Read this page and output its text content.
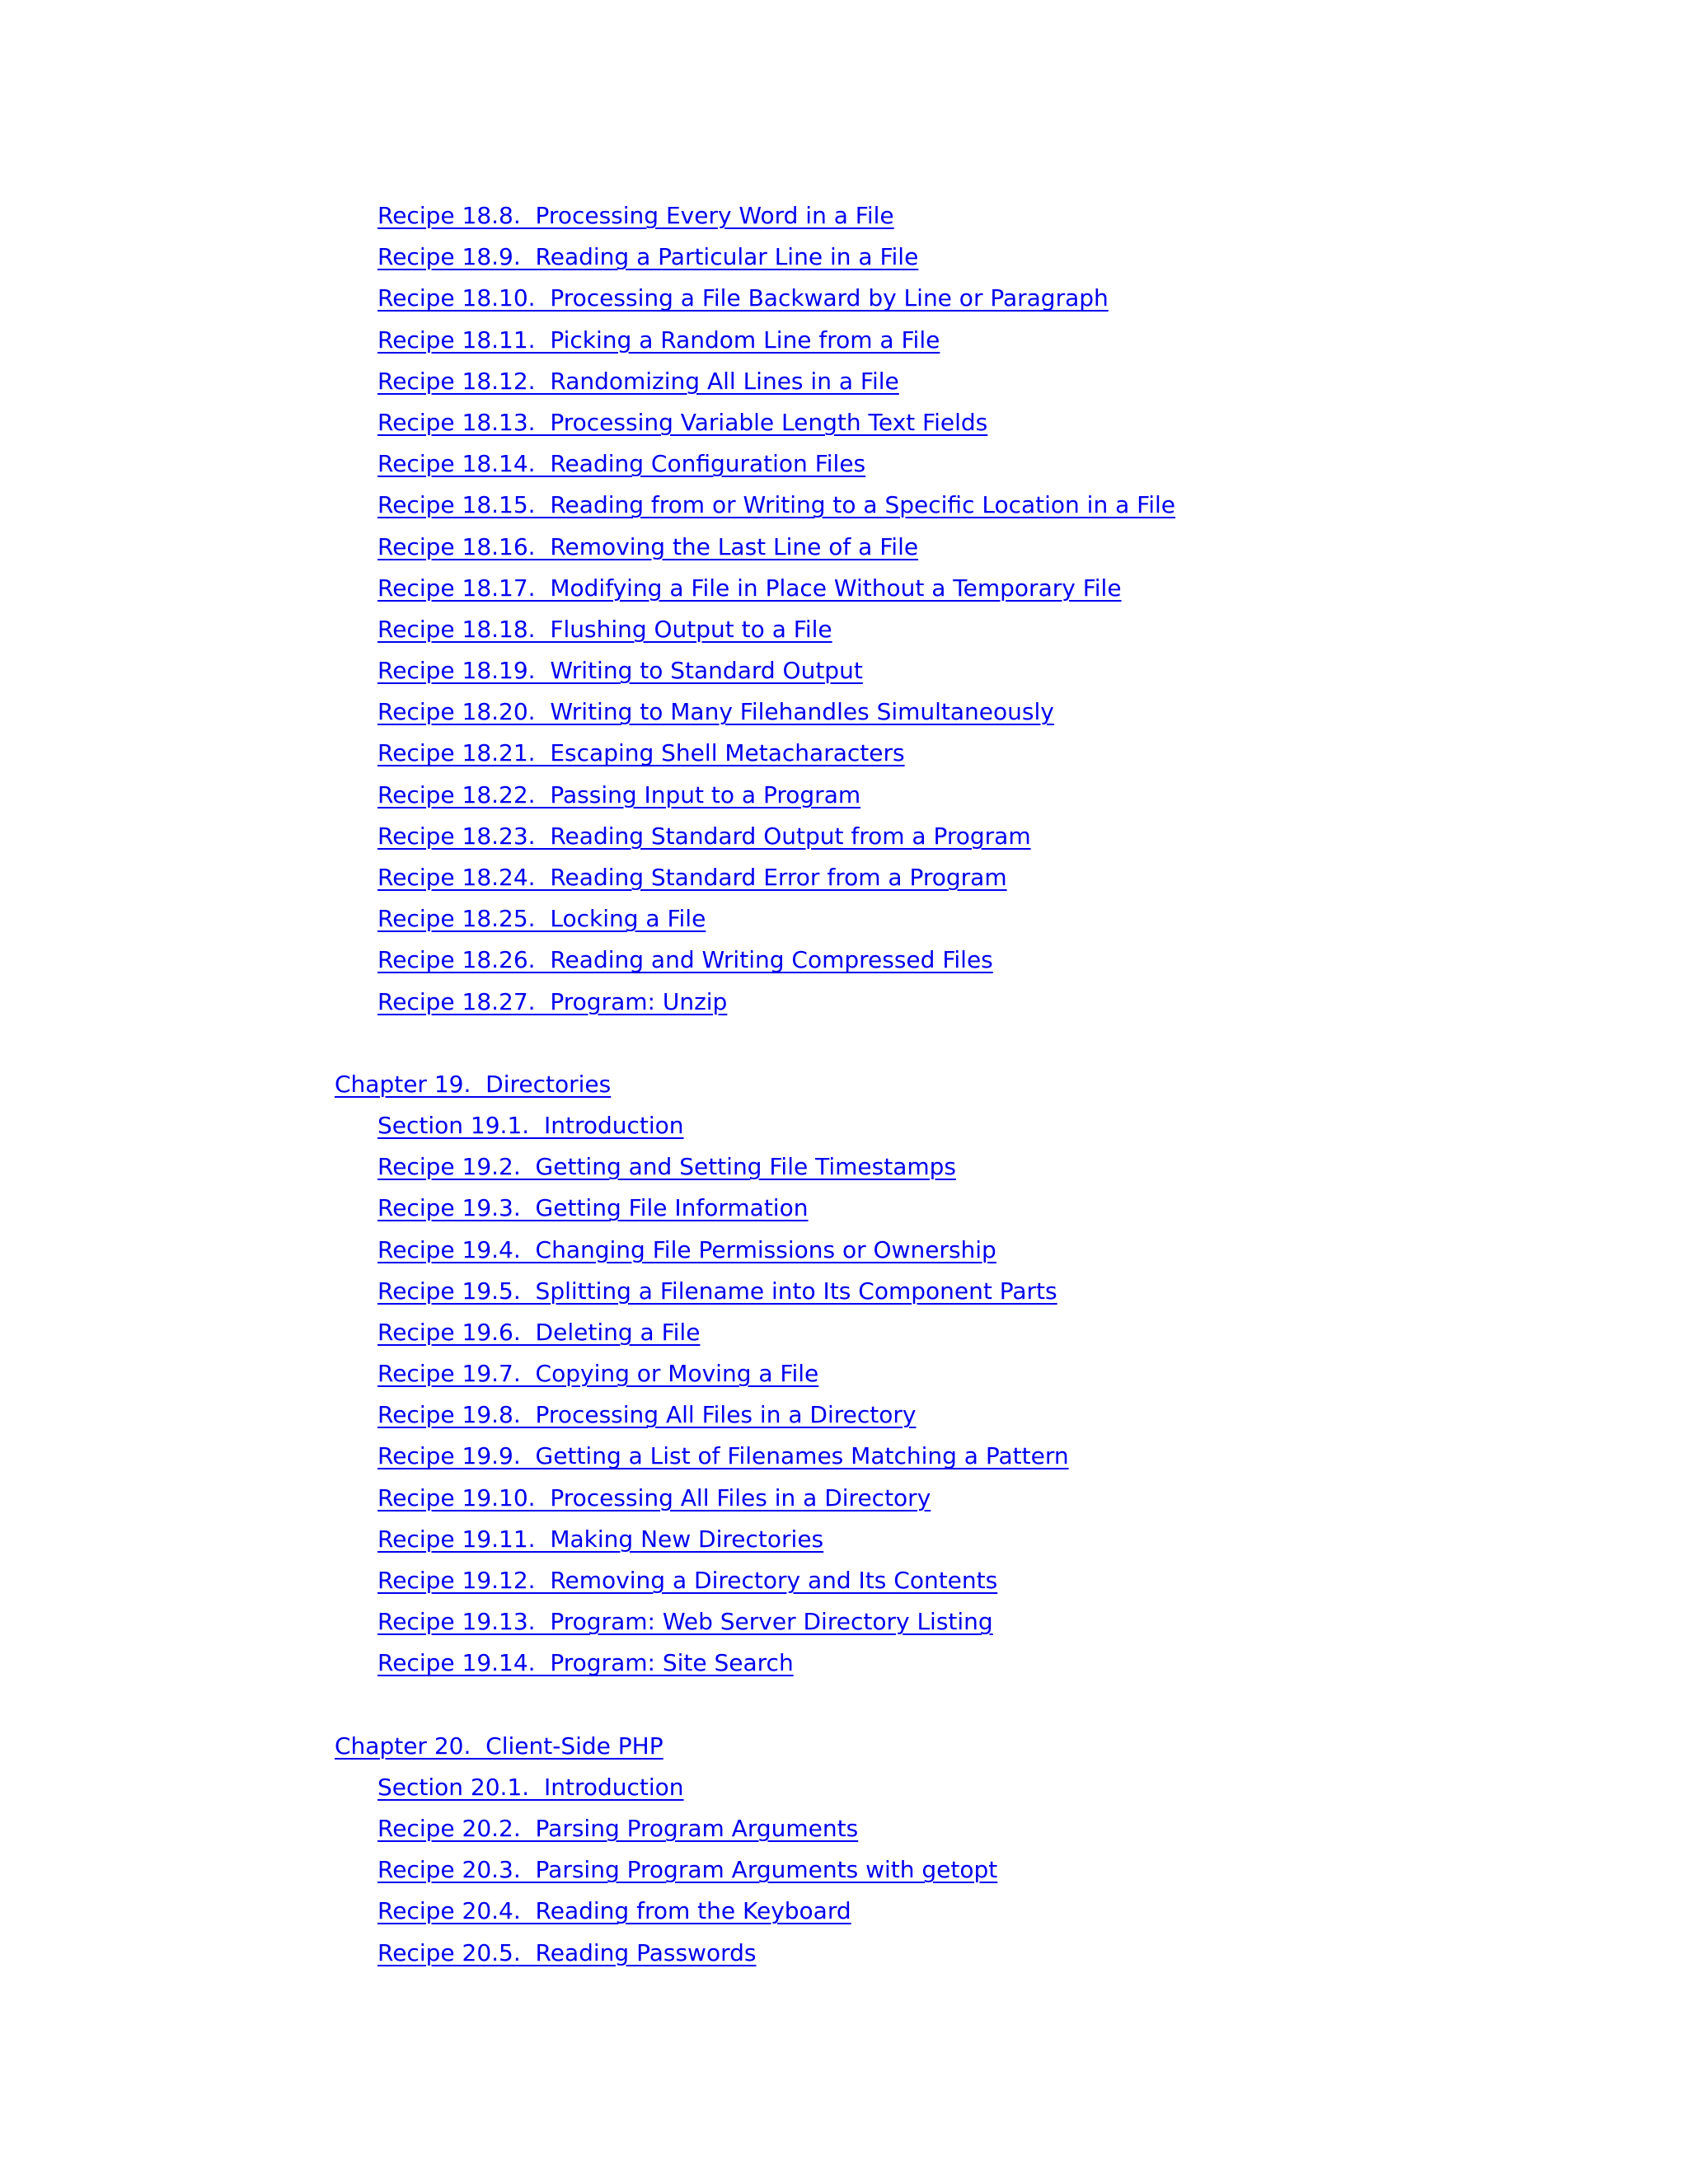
Recipe 18.8.  Processing Every Word in a File
Recipe 18.9.  Reading a Particular Line in a File
Recipe 18.10.  Processing a File Backward by Line or Paragraph
Recipe 18.11.  Picking a Random Line from a File
Recipe 18.12.  Randomizing All Lines in a File
Recipe 18.13.  Processing Variable Length Text Fields
Recipe 18.14.  Reading Configuration Files
Recipe 18.15.  Reading from or Writing to a Specific Location in a File
Recipe 18.16.  Removing the Last Line of a File
Recipe 18.17.  Modifying a File in Place Without a Temporary File
Recipe 18.18.  Flushing Output to a File
Recipe 18.19.  Writing to Standard Output
Recipe 18.20.  Writing to Many Filehandles Simultaneously
Recipe 18.21.  Escaping Shell Metacharacters
Recipe 18.22.  Passing Input to a Program
Recipe 18.23.  Reading Standard Output from a Program
Recipe 18.24.  Reading Standard Error from a Program
Recipe 18.25.  Locking a File
Recipe 18.26.  Reading and Writing Compressed Files
Recipe 18.27.  Program: Unzip
Chapter 19.  Directories
Section 19.1.  Introduction
Recipe 19.2.  Getting and Setting File Timestamps
Recipe 19.3.  Getting File Information
Recipe 19.4.  Changing File Permissions or Ownership
Recipe 19.5.  Splitting a Filename into Its Component Parts
Recipe 19.6.  Deleting a File
Recipe 19.7.  Copying or Moving a File
Recipe 19.8.  Processing All Files in a Directory
Recipe 19.9.  Getting a List of Filenames Matching a Pattern
Recipe 19.10.  Processing All Files in a Directory
Recipe 19.11.  Making New Directories
Recipe 19.12.  Removing a Directory and Its Contents
Recipe 19.13.  Program: Web Server Directory Listing
Recipe 19.14.  Program: Site Search
Chapter 20.  Client-Side PHP
Section 20.1.  Introduction
Recipe 20.2.  Parsing Program Arguments
Recipe 20.3.  Parsing Program Arguments with getopt
Recipe 20.4.  Reading from the Keyboard
Recipe 20.5.  Reading Passwords
